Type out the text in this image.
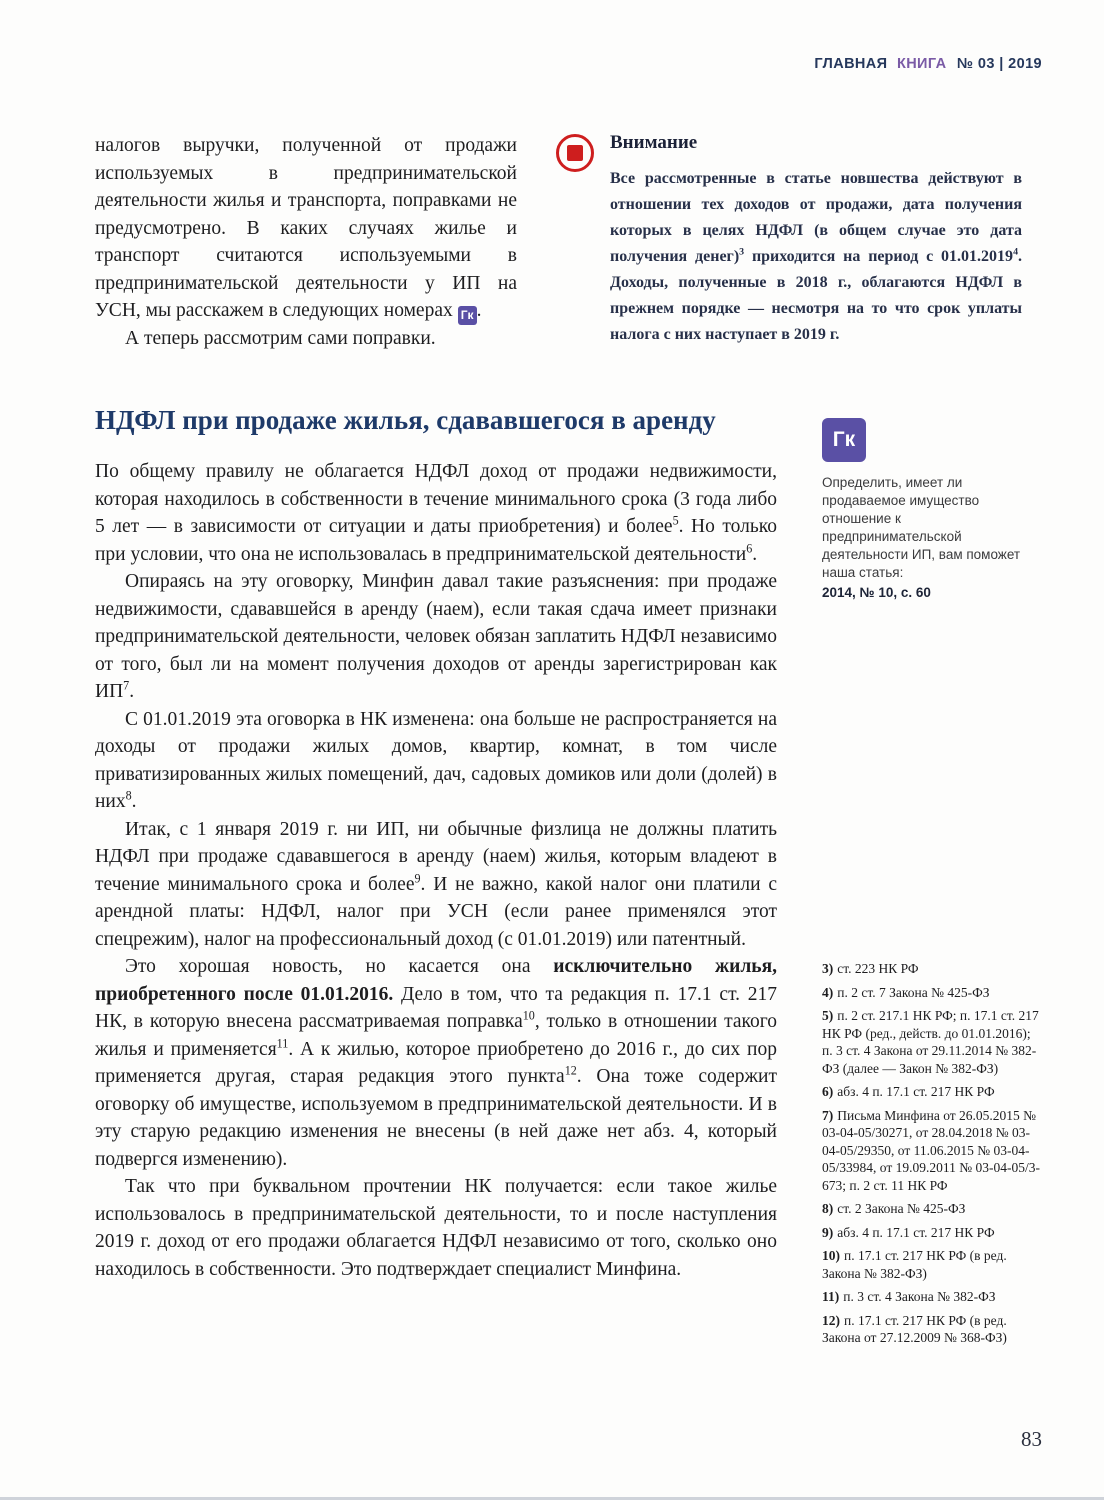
ГЛАВНАЯ КНИГА № 03 | 2019

налогов выручки, полученной от продажи используемых в предпринимательской деятельности жилья и транспорта, поправками не предусмотрено. В каких случаях жилье и транспорт считаются используемыми в предпринимательской деятельности у ИП на УСН, мы расскажем в следующих номерах Гк .

А теперь рассмотрим сами поправки.

Внимание
Все рассмотренные в статье новшества действуют в отношении тех доходов от продажи, дата получения которых в целях НДФЛ (в общем случае это дата получения денег)$^3$ приходится на период с 01.01.2019$^4$. Доходы, полученные в 2018 г., облагаются НДФЛ в прежнем порядке — несмотря на то что срок уплаты налога с них наступает в 2019 г.
НДФЛ при продаже жилья, сдававшегося в аренду

По общему правилу не облагается НДФЛ доход от продажи недвижимости, которая находилось в собственности в течение минимального срока (3 года либо 5 лет — в зависимости от ситуации и даты приобретения) и более$^5$. Но только при условии, что она не использовалась в предпринимательской деятельности$^6$.

Опираясь на эту оговорку, Минфин давал такие разъяснения: при продаже недвижимости, сдававшейся в аренду (наем), если такая сдача имеет признаки предпринимательской деятельности, человек обязан заплатить НДФЛ независимо от того, был ли на момент получения доходов от аренды зарегистрирован как $ИП^7$.

С 01.01.2019 эта оговорка в НК изменена: она больше не распространяется на доходы от продажи жилых домов, квартир, комнат, в том числе приватизированных жилых помещений, дач, садовых домиков или доли (долей) в них$^8$.

Итак, с 1 января 2019 г. ни ИП, ни обычные физлица не должны платить НДФЛ при продаже сдававшегося в аренду (наем) жилья, которым владеют в течение минимального срока и более$^9$. И не важно, какой налог они платили с арендной платы: НДФЛ, налог при УСН (если ранее применялся этот спецрежим), налог на профессиональный доход (с 01.01.2019) или патентный.

Это хорошая новость, но касается она исключительно жилья, приобретенного после 01.01.2016. Дело в том, что та редакция п. 17.1 ст. 217 НК, в которую внесена рассматриваемая поправка$^{10}$, только в отношении такого жилья и применяется$^{11}$. А к жилью, которое приобретено до 2016 г., до сих пор применяется другая, старая редакция этого пункта$^{12}$. Она тоже содержит оговорку об имуществе, используемом в предпринимательской деятельности. И в эту старую редакцию изменения не внесены (в ней даже нет абз. 4, который подвергся изменению).

Так что при буквальном прочтении НК получается: если такое жилье использовалось в предпринимательской деятельности, то и после наступления 2019 г. доход от его продажи облагается НДФЛ независимо от того, сколько оно находилось в собственности. Это подтверждает специалист Минфина.

Гк
Определить, имеет ли продаваемое имущество отношение к предпринимательской деятельности ИП, вам поможет наша статья:
2014, № 10, с. 60
3) ст. 223 НК РФ
4) п. 2 ст. 7 Закона № 425-ФЗ
5) п. 2 ст. 217.1 НК РФ; п. 17.1 ст. 217 НК РФ (ред., действ. до 01.01.2016); п. 3 ст. 4 Закона от 29.11.2014 № 382-ФЗ (далее — Закон № 382-ФЗ)
6) абз. 4 п. 17.1 ст. 217 НК РФ
7) Письма Минфина от 26.05.2015 № 03-04-05/30271, от 28.04.2018 № 03-04-05/29350, от 11.06.2015 № 03-04-05/33984, от 19.09.2011 № 03-04-05/3-673; п. 2 ст. 11 НК РФ
8) ст. 2 Закона № 425-ФЗ
9) абз. 4 п. 17.1 ст. 217 НК РФ
10) п. 17.1 ст. 217 НК РФ (в ред. Закона № 382-ФЗ)
11) п. 3 ст. 4 Закона № 382-ФЗ
12) п. 17.1 ст. 217 НК РФ (в ред. Закона от 27.12.2009 № 368-ФЗ)
83
